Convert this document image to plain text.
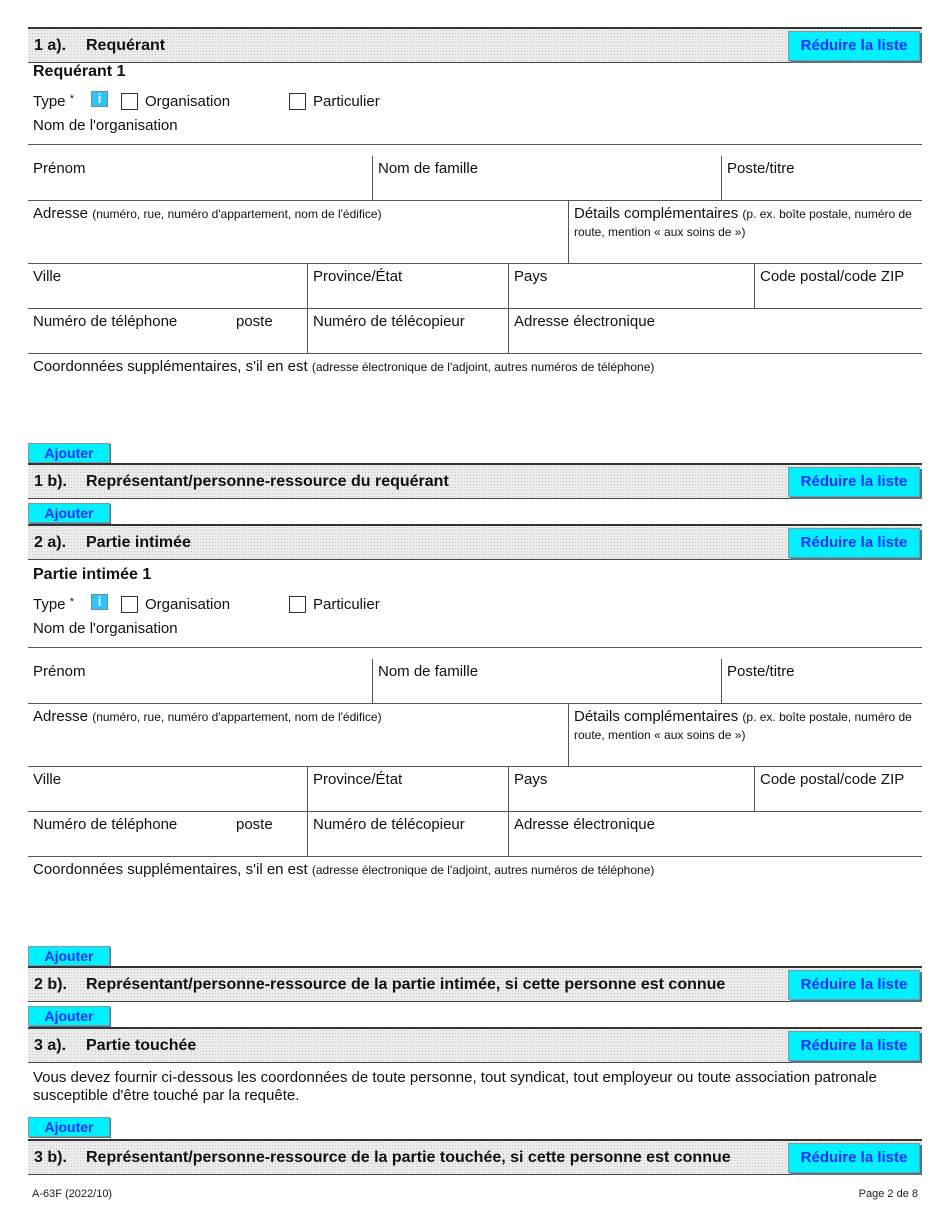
1 a). Requérant	Réduire la liste
Requérant 1
Type *	i	Organisation	Particulier
Nom de l'organisation
Prénom	Nom de famille	Poste/titre
Adresse (numéro, rue, numéro d'appartement, nom de l'édifice)	Détails complémentaires (p. ex. boîte postale, numéro de route, mention « aux soins de »)
Ville	Province/État	Pays	Code postal/code ZIP
Numéro de téléphone	poste	Numéro de télécopieur	Adresse électronique
Coordonnées supplémentaires, s'il en est (adresse électronique de l'adjoint, autres numéros de téléphone)
Ajouter
1 b). Représentant/personne-ressource du requérant	Réduire la liste
Ajouter
2 a). Partie intimée	Réduire la liste
Partie intimée 1
Type *	i	Organisation	Particulier
Nom de l'organisation
Prénom	Nom de famille	Poste/titre
Adresse (numéro, rue, numéro d'appartement, nom de l'édifice)	Détails complémentaires (p. ex. boîte postale, numéro de route, mention « aux soins de »)
Ville	Province/État	Pays	Code postal/code ZIP
Numéro de téléphone	poste	Numéro de télécopieur	Adresse électronique
Coordonnées supplémentaires, s'il en est (adresse électronique de l'adjoint, autres numéros de téléphone)
Ajouter
2 b). Représentant/personne-ressource de la partie intimée, si cette personne est connue	Réduire la liste
Ajouter
3 a). Partie touchée	Réduire la liste
Vous devez fournir ci-dessous les coordonnées de toute personne, tout syndicat, tout employeur ou toute association patronale susceptible d'être touché par la requête.
Ajouter
3 b). Représentant/personne-ressource de la partie touchée, si cette personne est connue	Réduire la liste
A-63F (2022/10)	Page 2 de 8
